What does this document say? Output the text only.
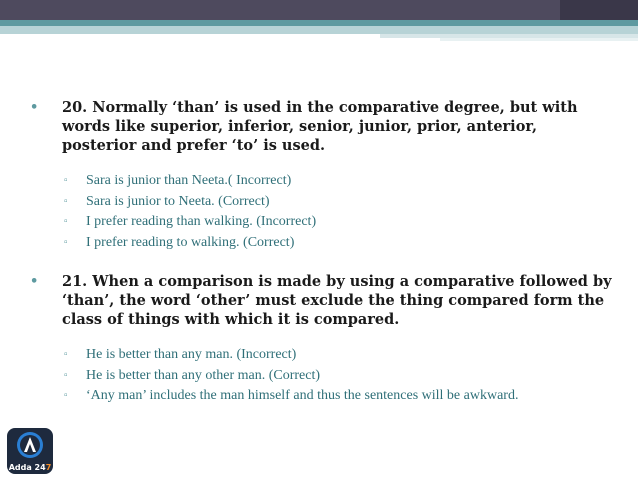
• 20. Normally ‘than’ is used in the comparative degree, but with words like superior, inferior, senior, junior, prior, anterior, posterior and prefer ‘to’ is used.

▫ Sara is junior than Neeta.( Incorrect)
▫ Sara is junior to Neeta. (Correct)
▫ I prefer reading than walking. (Incorrect)
▫ I prefer reading to walking. (Correct)

• 21. When a comparison is made by using a comparative followed by ‘than’, the word ‘other’ must exclude the thing compared form the class of things with which it is compared.

▫ He is better than any man. (Incorrect)
▫ He is better than any other man. (Correct)
▫ ‘Any man’ includes the man himself and thus the sentences will be awkward.
Adda 247
